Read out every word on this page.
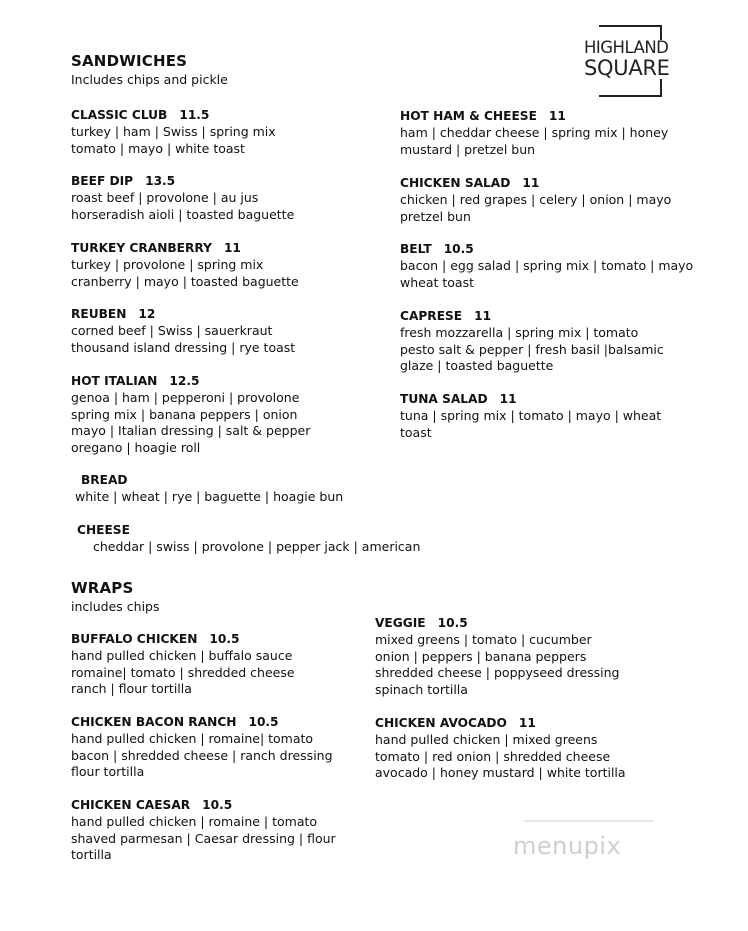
HIGHLAND
SQUARE
SANDWICHES
Includes chips and pickle
CLASSIC CLUB 11.5
turkey | ham | Swiss | spring mix
tomato | mayo | white toast
BEEF DIP 13.5
roast beef | provolone | au jus
horseradish aioli | toasted baguette
TURKEY CRANBERRY 11
turkey | provolone | spring mix
cranberry | mayo | toasted baguette
REUBEN 12
corned beef | Swiss | sauerkraut
thousand island dressing | rye toast
HOT ITALIAN 12.5
genoa | ham | pepperoni | provolone
spring mix | banana peppers | onion
mayo | Italian dressing | salt & pepper
oregano | hoagie roll
HOT HAM & CHEESE 11
ham | cheddar cheese | spring mix | honey
mustard | pretzel bun
CHICKEN SALAD 11
chicken | red grapes | celery | onion | mayo
pretzel bun
BELT 10.5
bacon | egg salad | spring mix | tomato | mayo
wheat toast
CAPRESE 11
fresh mozzarella | spring mix | tomato
pesto salt & pepper | fresh basil |balsamic
glaze | toasted baguette
TUNA SALAD 11
tuna | spring mix | tomato | mayo | wheat
toast
BREAD
white | wheat | rye | baguette | hoagie bun
CHEESE
cheddar | swiss | provolone | pepper jack | american
WRAPS
includes chips
BUFFALO CHICKEN 10.5
hand pulled chicken | buffalo sauce
romaine| tomato | shredded cheese
ranch | flour tortilla
CHICKEN BACON RANCH 10.5
hand pulled chicken | romaine| tomato
bacon | shredded cheese | ranch dressing
flour tortilla
CHICKEN CAESAR 10.5
hand pulled chicken | romaine | tomato
shaved parmesan | Caesar dressing | flour
tortilla
VEGGIE 10.5
mixed greens | tomato | cucumber
onion | peppers | banana peppers
shredded cheese | poppyseed dressing
spinach tortilla
CHICKEN AVOCADO 11
hand pulled chicken | mixed greens
tomato | red onion | shredded cheese
avocado | honey mustard | white tortilla
menupix
